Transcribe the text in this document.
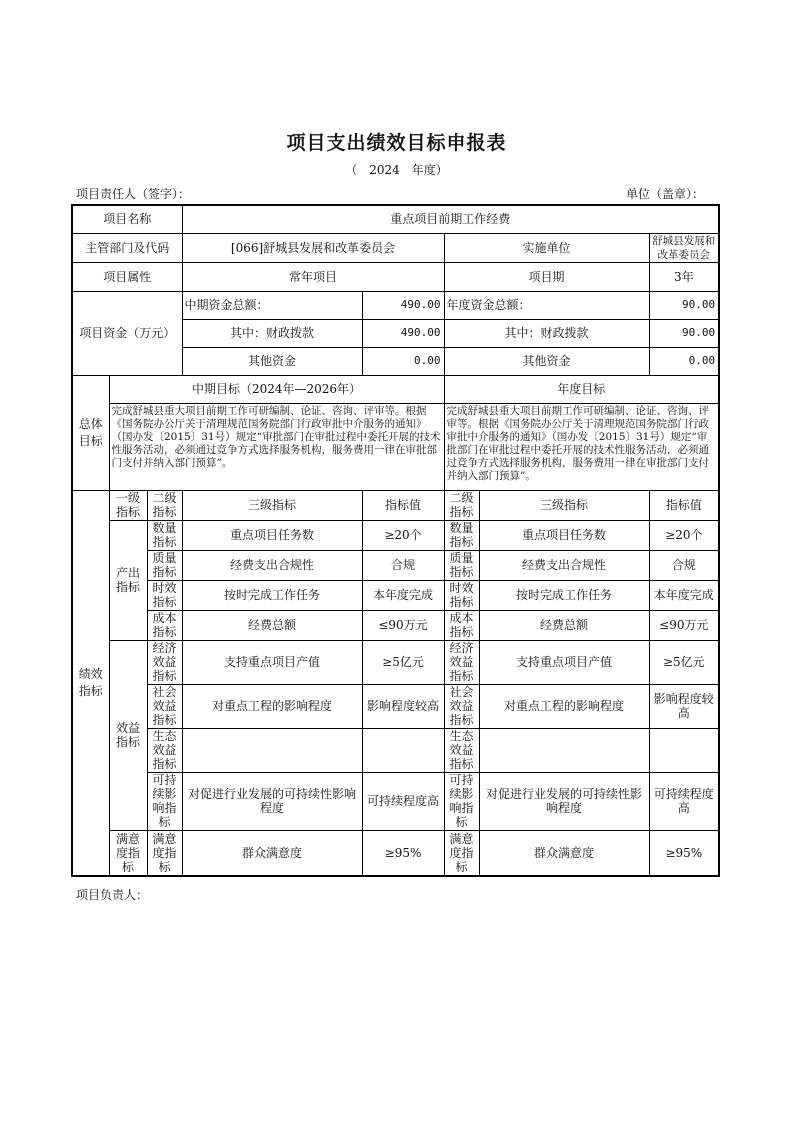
项目支出绩效目标申报表
（ 2024 年度）
项目责任人（签字）：	单位（盖章）：
项目名称			重点项目前期工作经费				
主管部门及代码			[066]舒城县发展和改革委员会		实施单位		舒城县发展和改革委员会
项目属性			常年项目		项目期		3年
项目资金（万元）			中期资金总额：	490.00	年度资金总额：		90.00
			其中：财政拨款	490.00	其中：财政拨款		90.00
			其他资金	0.00	其他资金		0.00
总体目标	中期目标（2024年—2026年）				年度目标		
	完成舒城县重大项目前期工作可研编制、论证、咨询、评审等。根据《国务院办公厅关于清理规范国务院部门行政审批中介服务的通知》（国办发〔2015〕31号）规定“审批部门在审批过程中委托开展的技术性服务活动，必须通过竞争方式选择服务机构，服务费用一律在审批部门支付并纳入部门预算”。				完成舒城县重大项目前期工作可研编制、论证、咨询、评审等。根据《国务院办公厅关于清理规范国务院部门行政审批中介服务的通知》（国办发〔2015〕31号）规定“审批部门在审批过程中委托开展的技术性服务活动，必须通过竞争方式选择服务机构，服务费用一律在审批部门支付并纳入部门预算”。		
绩效指标	一级指标	二级指标	三级指标	指标值	二级指标	三级指标	指标值
	产出指标	数量指标	重点项目任务数	≥20个	数量指标	重点项目任务数	≥20个
		质量指标	经费支出合规性	合规	质量指标	经费支出合规性	合规
		时效指标	按时完成工作任务	本年度完成	时效指标	按时完成工作任务	本年度完成
		成本指标	经费总额	≤90万元	成本指标	经费总额	≤90万元
	效益指标	经济效益指标	支持重点项目产值	≥5亿元	经济效益指标	支持重点项目产值	≥5亿元
		社会效益指标	对重点工程的影响程度	影响程度较高	社会效益指标	对重点工程的影响程度	影响程度较高
		生态效益指标			生态效益指标		
		可持续影响指标	对促进行业发展的可持续性影响程度	可持续程度高	可持续影响指标	对促进行业发展的可持续性影响程度	可持续程度高
	满意度指标	满意度指标	群众满意度	≥95%	满意度指标	群众满意度	≥95%
项目负责人：
